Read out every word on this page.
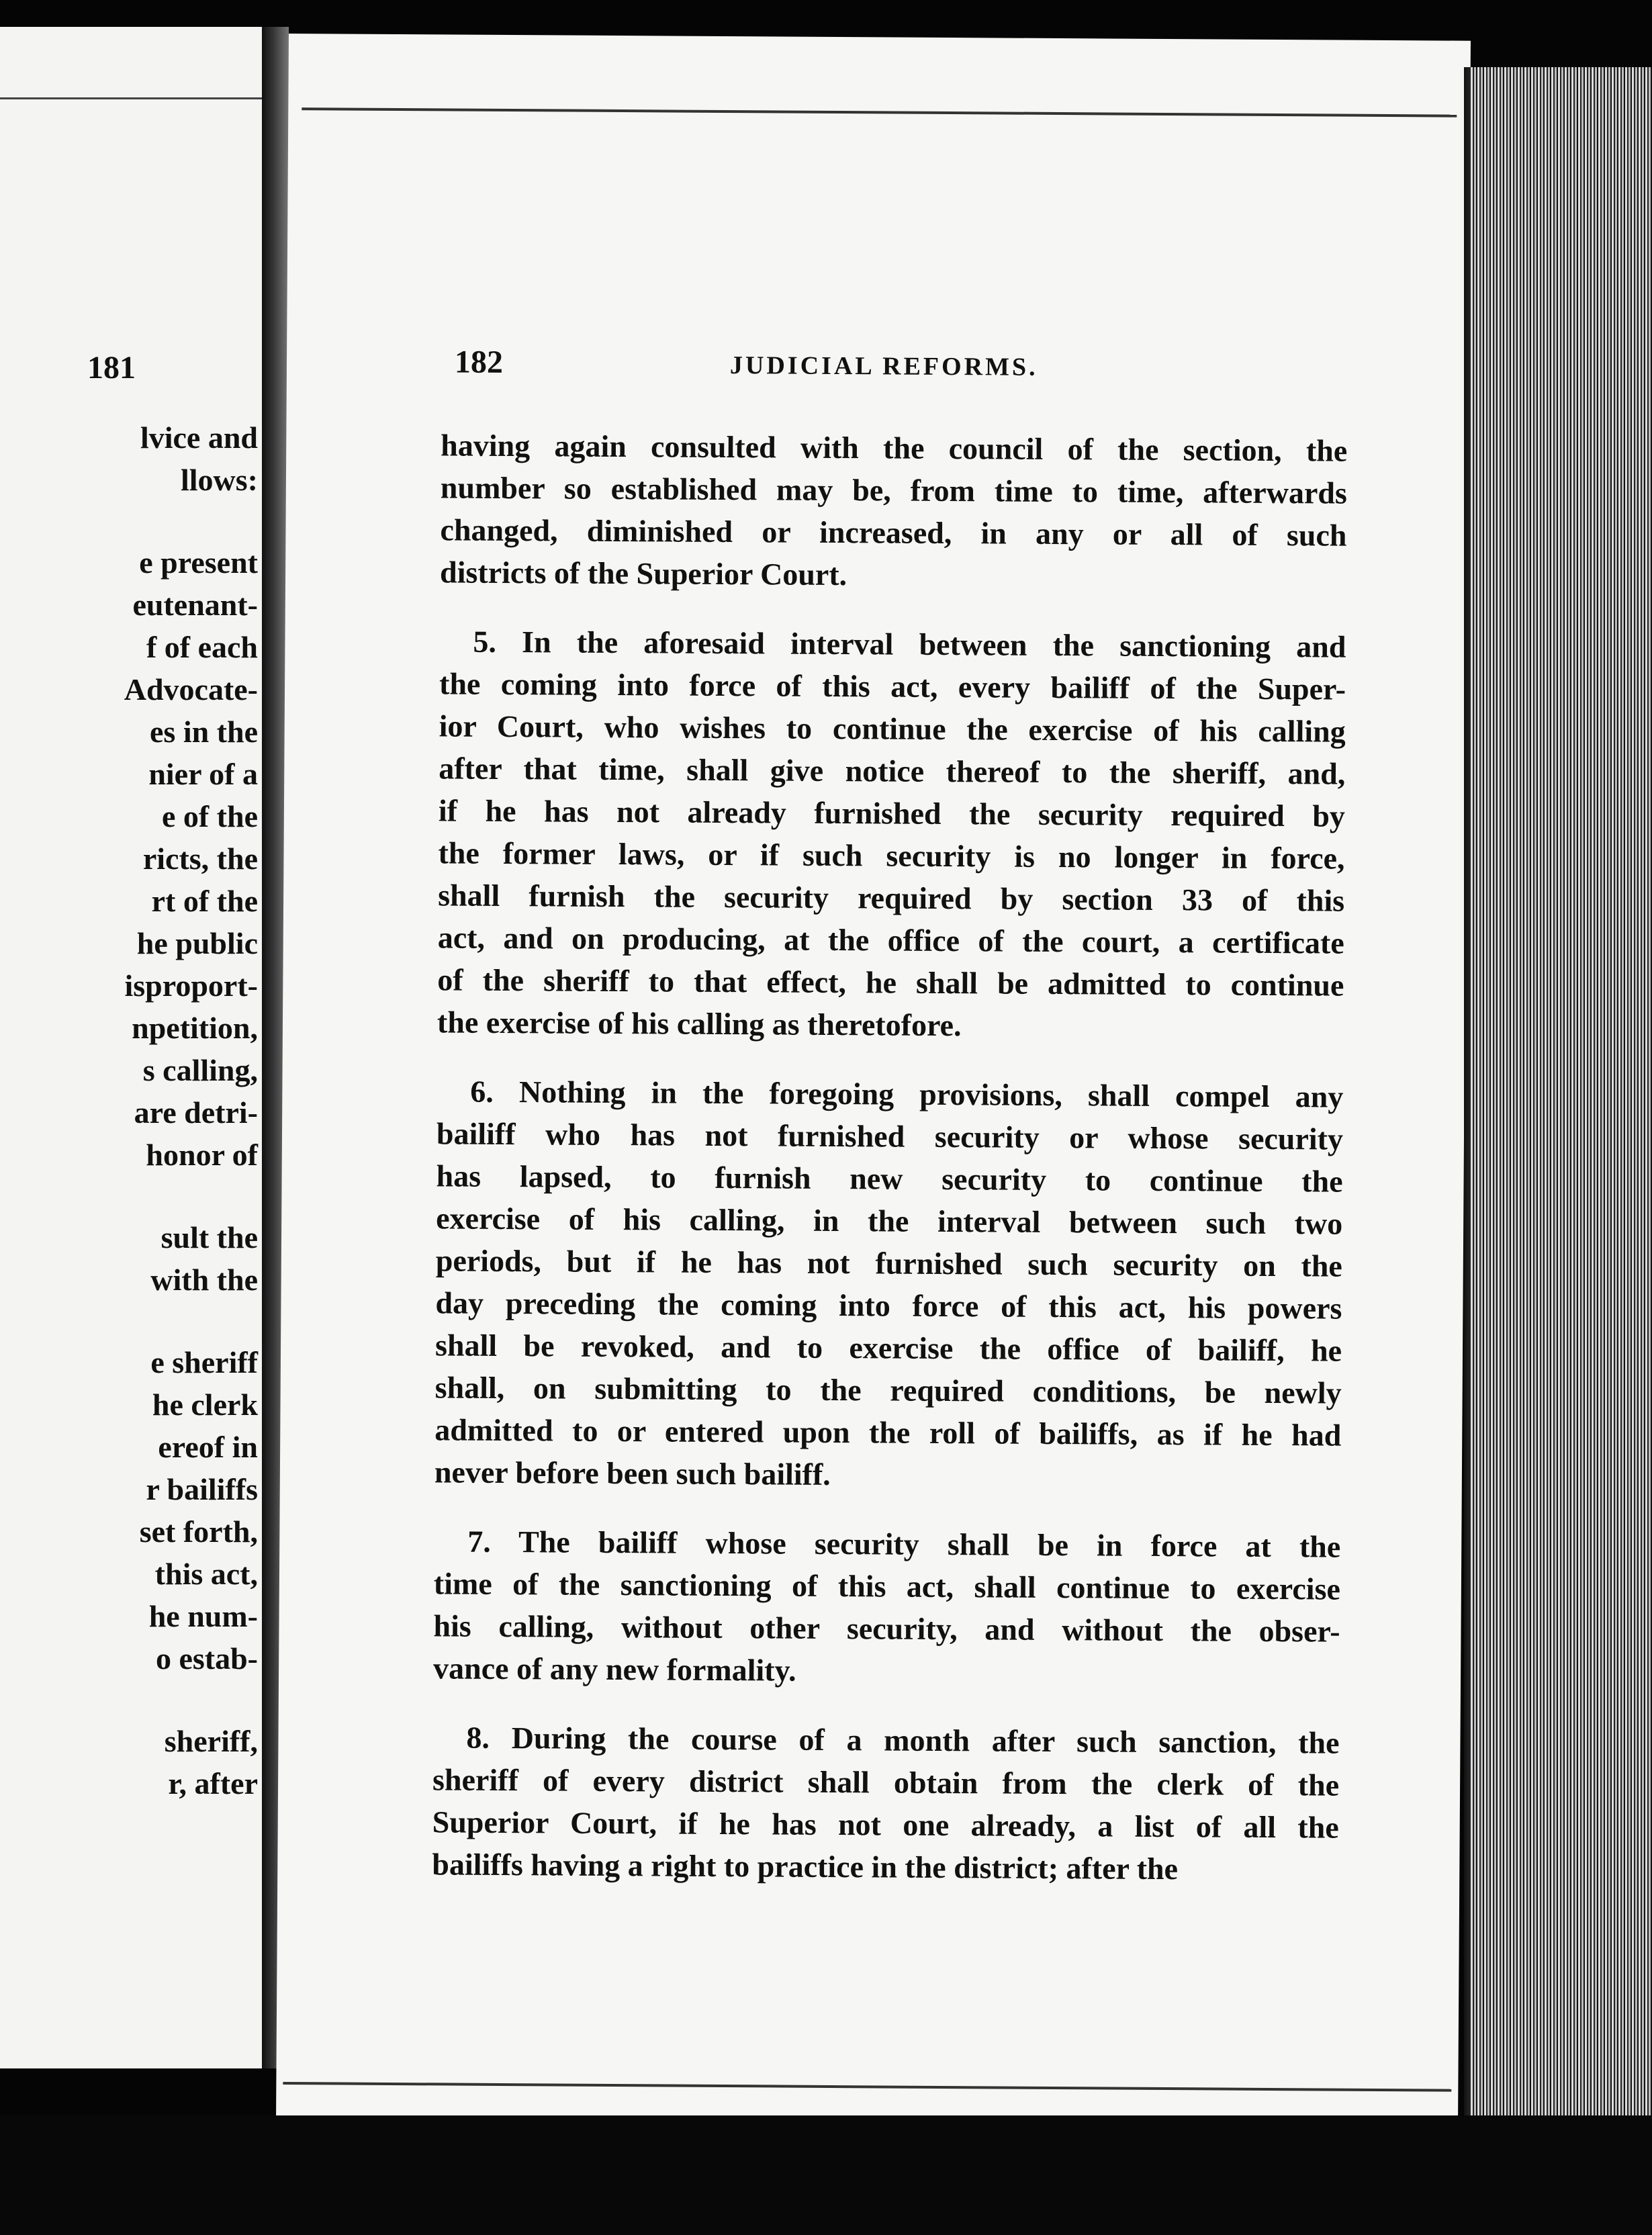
181
lvice and
llows:
e present
eutenant-
f of each
Advocate-
es in the
nier of a
e of the
ricts, the
rt of the
he public
isproport-
npetition,
s calling,
are detri-
honor of
sult the
with the
e sheriff
he clerk
ereof in
r bailiffs
set forth,
this act,
he num-
o estab-
sheriff,
r, after
182	JUDICIAL REFORMS.
having again consulted with the council of the section, the
number so established may be, from time to time, afterwards
changed, diminished or increased, in any or all of such
districts of the Superior Court.
5. In the aforesaid interval between the sanctioning and
the coming into force of this act, every bailiff of the Super-
ior Court, who wishes to continue the exercise of his calling
after that time, shall give notice thereof to the sheriff, and,
if he has not already furnished the security required by
the former laws, or if such security is no longer in force,
shall furnish the security required by section 33 of this
act, and on producing, at the office of the court, a certificate
of the sheriff to that effect, he shall be admitted to continue
the exercise of his calling as theretofore.
6. Nothing in the foregoing provisions, shall compel any
bailiff who has not furnished security or whose security
has lapsed, to furnish new security to continue the
exercise of his calling, in the interval between such two
periods, but if he has not furnished such security on the
day preceding the coming into force of this act, his powers
shall be revoked, and to exercise the office of bailiff, he
shall, on submitting to the required conditions, be newly
admitted to or entered upon the roll of bailiffs, as if he had
never before been such bailiff.
7. The bailiff whose security shall be in force at the
time of the sanctioning of this act, shall continue to exercise
his calling, without other security, and without the obser-
vance of any new formality.
8. During the course of a month after such sanction, the
sheriff of every district shall obtain from the clerk of the
Superior Court, if he has not one already, a list of all the
bailiffs having a right to practice in the district; after the
